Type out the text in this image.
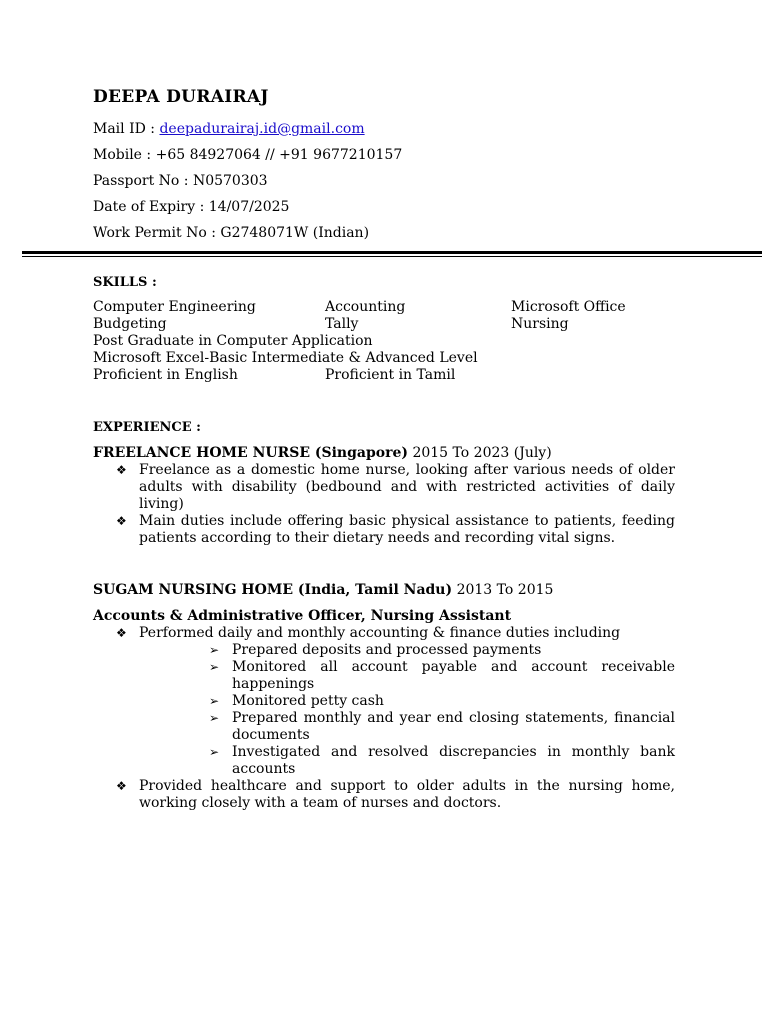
DEEPA DURAIRAJ
Mail ID : deepadurairaj.id@gmail.com
Mobile : +65 84927064 // +91 9677210157
Passport No : N0570303
Date of Expiry : 14/07/2025
Work Permit No : G2748071W (Indian)
SKILLS :
Computer Engineering	Accounting	Microsoft Office
Budgeting	Tally	Nursing
Post Graduate in Computer Application
Microsoft Excel-Basic Intermediate & Advanced Level
Proficient in English	Proficient in Tamil
EXPERIENCE :

FREELANCE HOME NURSE (Singapore) 2015 To 2023 (July)

❖ Freelance as a domestic home nurse, looking after various needs of older adults with disability (bedbound and with restricted activities of daily living)
❖ Main duties include offering basic physical assistance to patients, feeding patients according to their dietary needs and recording vital signs.

SUGAM NURSING HOME (India, Tamil Nadu) 2013 To 2015

Accounts & Administrative Officer, Nursing Assistant

❖ Performed daily and monthly accounting & finance duties including
➢ Prepared deposits and processed payments
➢ Monitored all account payable and account receivable happenings
➢ Monitored petty cash
➢ Prepared monthly and year end closing statements, financial documents
➢ Investigated and resolved discrepancies in monthly bank accounts
❖ Provided healthcare and support to older adults in the nursing home, working closely with a team of nurses and doctors.
